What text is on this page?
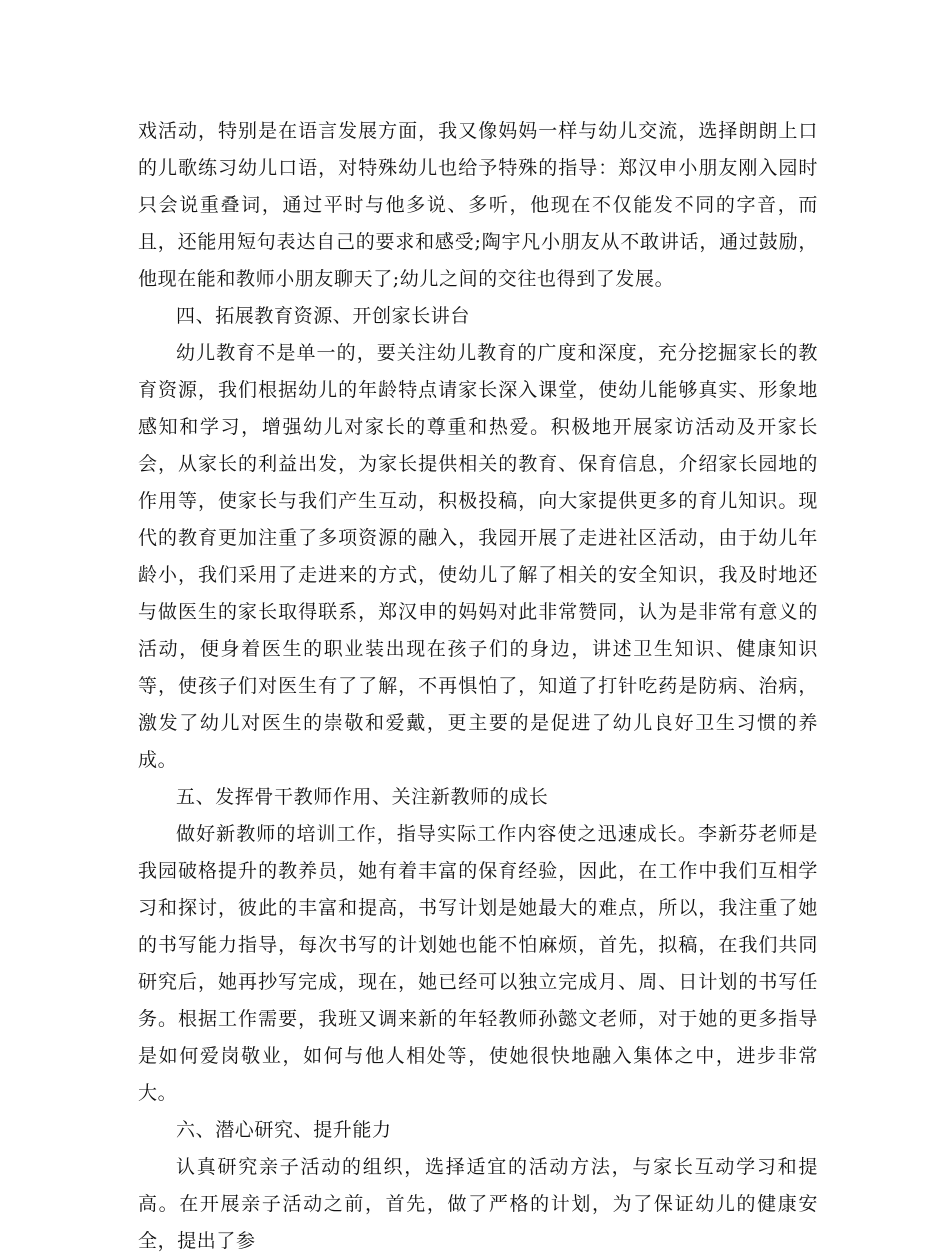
戏活动，特别是在语言发展方面，我又像妈妈一样与幼儿交流，选择朗朗上口的儿歌练习幼儿口语，对特殊幼儿也给予特殊的指导：郑汉申小朋友刚入园时只会说重叠词，通过平时与他多说、多听，他现在不仅能发不同的字音，而且，还能用短句表达自己的要求和感受;陶宇凡小朋友从不敢讲话，通过鼓励，他现在能和教师小朋友聊天了;幼儿之间的交往也得到了发展。

四、拓展教育资源、开创家长讲台

幼儿教育不是单一的，要关注幼儿教育的广度和深度，充分挖掘家长的教育资源，我们根据幼儿的年龄特点请家长深入课堂，使幼儿能够真实、形象地感知和学习，增强幼儿对家长的尊重和热爱。积极地开展家访活动及开家长会，从家长的利益出发，为家长提供相关的教育、保育信息，介绍家长园地的作用等，使家长与我们产生互动，积极投稿，向大家提供更多的育儿知识。现代的教育更加注重了多项资源的融入，我园开展了走进社区活动，由于幼儿年龄小，我们采用了走进来的方式，使幼儿了解了相关的安全知识，我及时地还与做医生的家长取得联系，郑汉申的妈妈对此非常赞同，认为是非常有意义的活动，便身着医生的职业装出现在孩子们的身边，讲述卫生知识、健康知识等，使孩子们对医生有了了解，不再惧怕了，知道了打针吃药是防病、治病，激发了幼儿对医生的崇敬和爱戴，更主要的是促进了幼儿良好卫生习惯的养成。

五、发挥骨干教师作用、关注新教师的成长

做好新教师的培训工作，指导实际工作内容使之迅速成长。李新芬老师是我园破格提升的教养员，她有着丰富的保育经验，因此，在工作中我们互相学习和探讨，彼此的丰富和提高，书写计划是她最大的难点，所以，我注重了她的书写能力指导，每次书写的计划她也能不怕麻烦，首先，拟稿，在我们共同研究后，她再抄写完成，现在，她已经可以独立完成月、周、日计划的书写任务。根据工作需要，我班又调来新的年轻教师孙懿文老师，对于她的更多指导是如何爱岗敬业，如何与他人相处等，使她很快地融入集体之中，进步非常大。

六、潜心研究、提升能力

认真研究亲子活动的组织，选择适宜的活动方法，与家长互动学习和提高。在开展亲子活动之前，首先，做了严格的计划，为了保证幼儿的健康安全，提出了参
